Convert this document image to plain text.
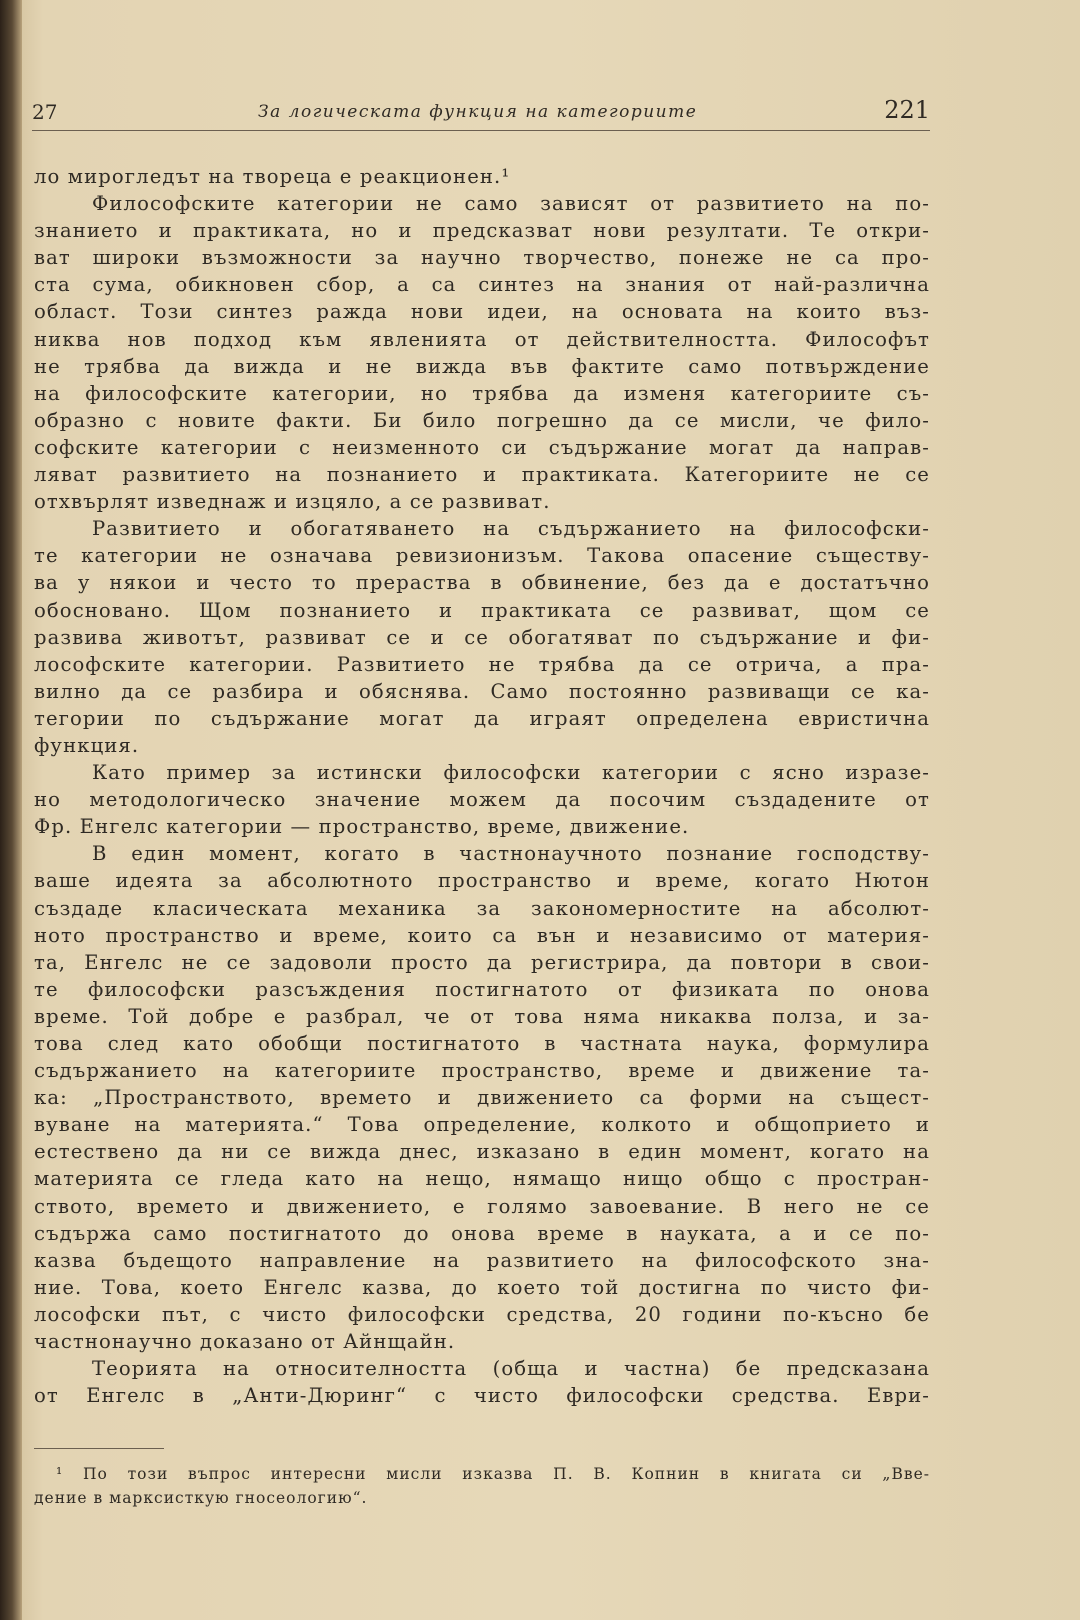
27	За логическата функция на категориите	221
ло мирогледът на твореца е реакционен.¹
Философските категории не само зависят от развитието на по-
знанието и практиката, но и предсказват нови резултати. Те откри-
ват широки възможности за научно творчество, понеже не са про-
ста сума, обикновен сбор, а са синтез на знания от най-различна
област. Този синтез ражда нови идеи, на основата на които въз-
никва нов подход към явленията от действителността. Философът
не трябва да вижда и не вижда във фактите само потвърждение
на философските категории, но трябва да изменя категориите съ-
образно с новите факти. Би било погрешно да се мисли, че фило-
софските категории с неизменното си съдържание могат да направ-
ляват развитието на познанието и практиката. Категориите не се
отхвърлят изведнаж и изцяло, а се развиват.
Развитието и обогатяването на съдържанието на философски-
те категории не означава ревизионизъм. Такова опасение съществу-
ва у някои и често то прераства в обвинение, без да е достатъчно
обосновано. Щом познанието и практиката се развиват, щом се
развива животът, развиват се и се обогатяват по съдържание и фи-
лософските категории. Развитието не трябва да се отрича, а пра-
вилно да се разбира и обяснява. Само постоянно развиващи се ка-
тегории по съдържание могат да играят определена евристична
функция.
Като пример за истински философски категории с ясно изразе-
но методологическо значение можем да посочим създадените от
Фр. Енгелс категории — пространство, време, движение.
В един момент, когато в частнонаучното познание господству-
ваше идеята за абсолютното пространство и време, когато Нютон
създаде класическата механика за закономерностите на абсолют-
ното пространство и време, които са вън и независимо от материя-
та, Енгелс не се задоволи просто да регистрира, да повтори в свои-
те философски разсъждения постигнатото от физиката по онова
време. Той добре е разбрал, че от това няма никаква полза, и за-
това след като обобщи постигнатото в частната наука, формулира
съдържанието на категориите пространство, време и движение та-
ка: „Пространството, времето и движението са форми на същест-
вуване на материята.“ Това определение, колкото и общоприето и
естествено да ни се вижда днес, изказано в един момент, когато на
материята се гледа като на нещо, нямащо нищо общо с простран-
ството, времето и движението, е голямо завоевание. В него не се
съдържа само постигнатото до онова време в науката, а и се по-
казва бъдещото направление на развитието на философското зна-
ние. Това, което Енгелс казва, до което той достигна по чисто фи-
лософски път, с чисто философски средства, 20 години по-късно бе
частнонаучно доказано от Айнщайн.
Теорията на относителността (обща и частна) бе предсказана
от Енгелс в „Анти-Дюринг“ с чисто философски средства. Еври-
¹ По този въпрос интересни мисли изказва П. В. Копнин в книгата си „Вве-
дение в марксисткую гносеологию“.
